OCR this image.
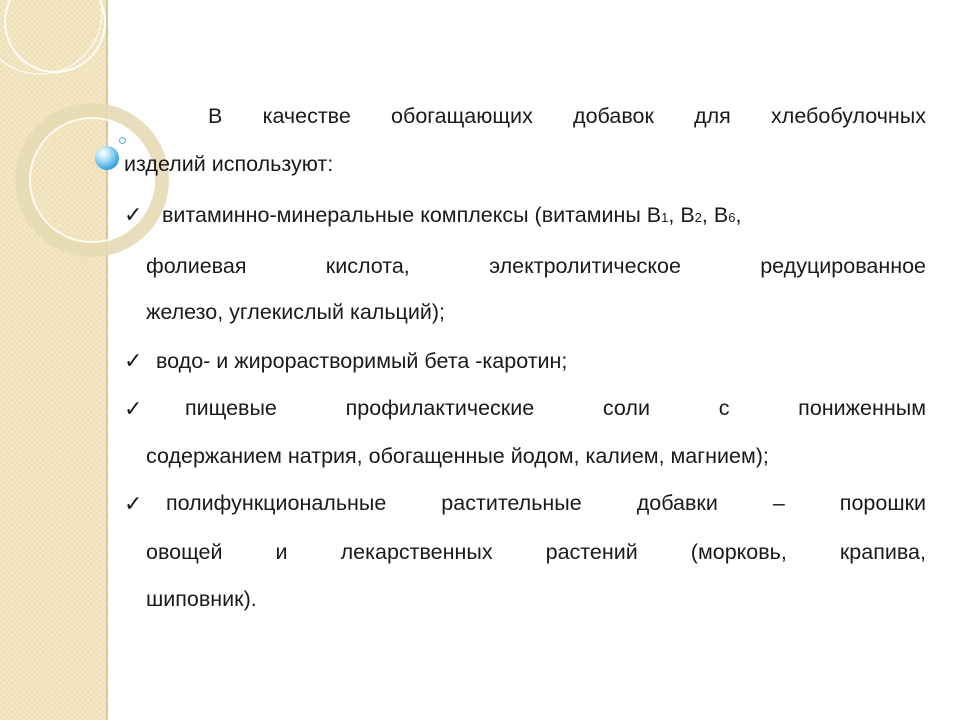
В качестве обогащающих добавок для хлебобулочных
изделий используют:
✓ витаминно-минеральные комплексы (витамины В 1 , В 2 , В 6 ,
фолиевая кислота, электролитическое редуцированное
железо, углекислый кальций);
✓ водо- и жирорастворимый бета -каротин;
✓	пищевые профилактические соли с пониженным
содержанием натрия, обогащенные йодом, калием, магнием);
✓	полифункциональные растительные добавки – порошки
овощей и лекарственных растений (морковь, крапива,
шиповник).
